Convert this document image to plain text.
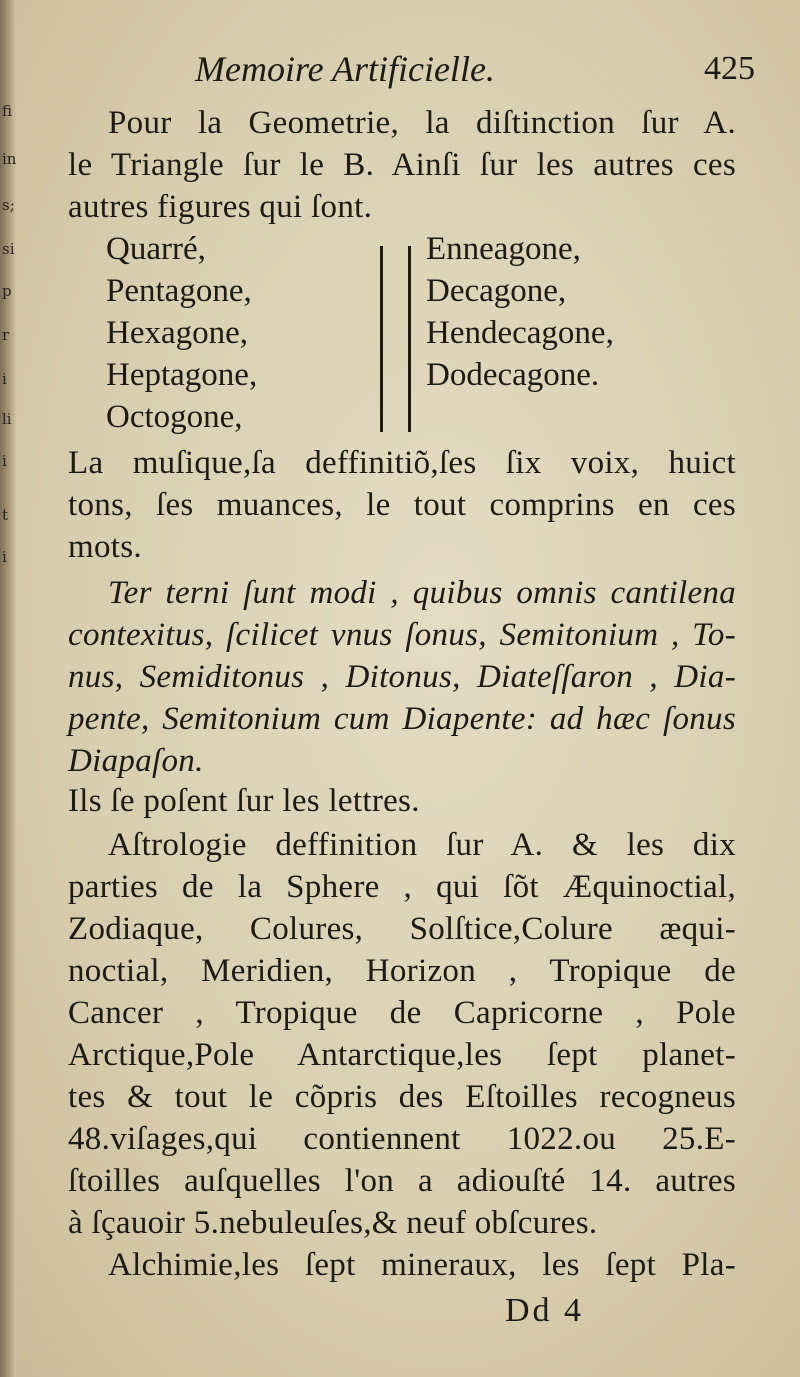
fi
in
s;
si
p
r
i
li
i
t
i
Memoire Artificielle.	425
Pour la Geometrie, la diſtinction ſur A.
le Triangle ſur le B. Ainſi ſur les autres ces
autres figures qui ſont.
Quarré,
Pentagone,
Hexagone,
Heptagone,
Octogone,
Enneagone,
Decagone,
Hendecagone,
Dodecagone.
La muſique,ſa deffinitiõ,ſes ſix voix, huict
tons, ſes muances, le tout comprins en ces
mots.
Ter terni ſunt modi , quibus omnis cantilena
contexitus, ſcilicet vnus ſonus, Semitonium , To-
nus, Semiditonus , Ditonus, Diateſſaron , Dia-
pente, Semitonium cum Diapente: ad hæc ſonus
Diapaſon.
Ils ſe poſent ſur les lettres.
Aſtrologie deffinition ſur A. & les dix
parties de la Sphere , qui ſõt Æquinoctial,
Zodiaque, Colures, Solſtice,Colure æqui-
noctial, Meridien, Horizon , Tropique de
Cancer , Tropique de Capricorne , Pole
Arctique,Pole Antarctique,les ſept planet-
tes & tout le cõpris des Eſtoilles recogneus
48.viſages,qui contiennent 1022.ou 25.E-
ſtoilles auſquelles l'on a adiouſté 14. autres
à ſçauoir 5.nebuleuſes,& neuf obſcures.
Alchimie,les ſept mineraux, les ſept Pla-
Dd 4
